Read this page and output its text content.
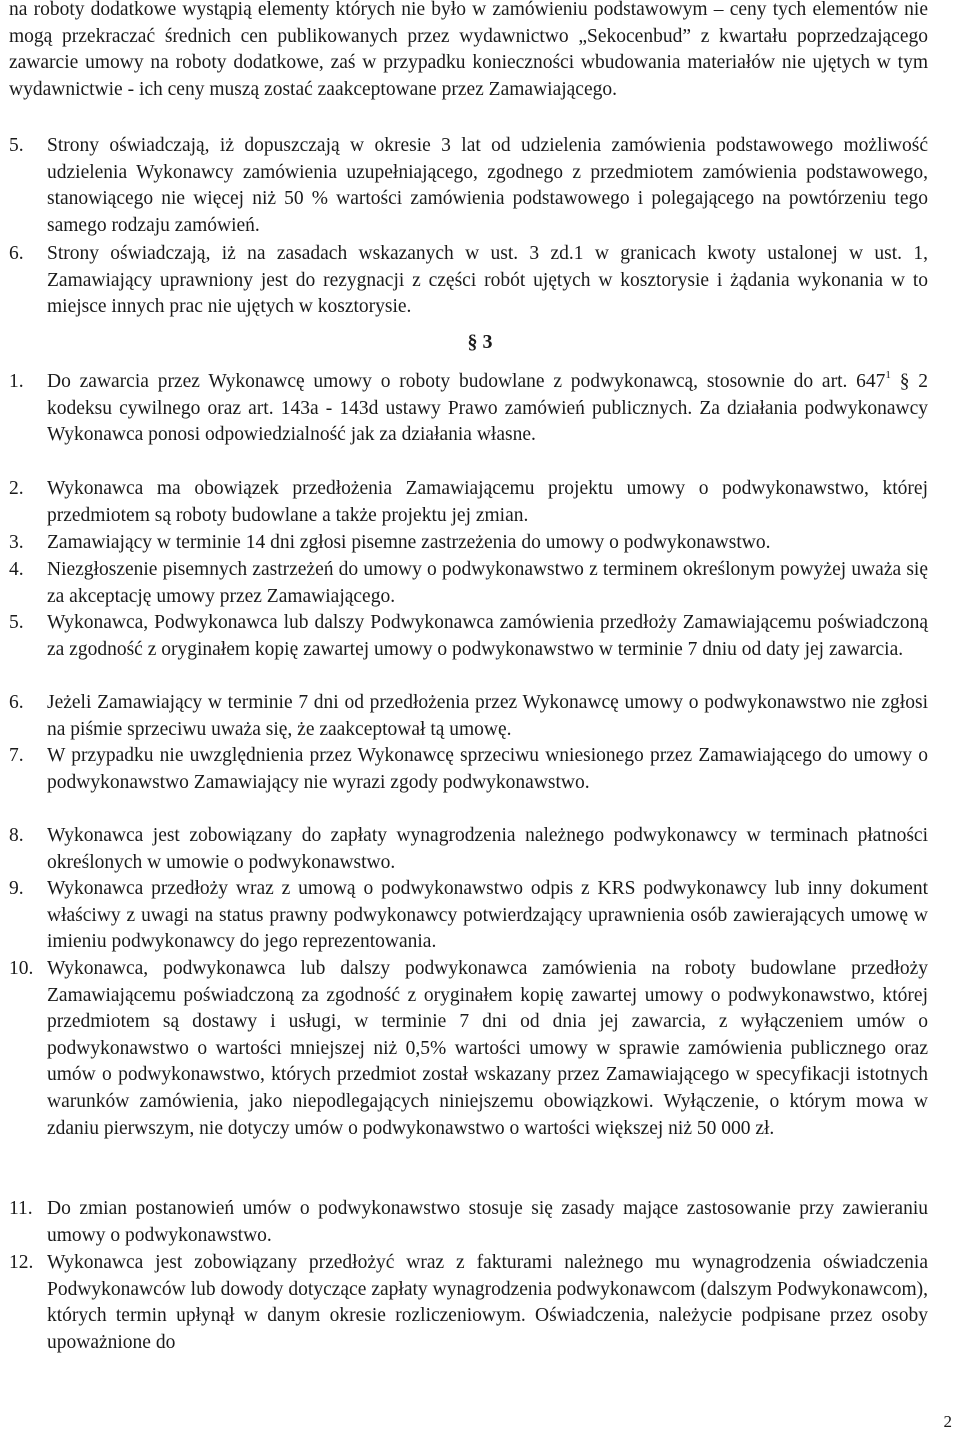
na roboty dodatkowe wystąpią elementy których nie było w zamówieniu podstawowym – ceny tych elementów nie mogą przekraczać średnich cen publikowanych przez wydawnictwo „Sekocenbud” z kwartału poprzedzającego zawarcie umowy na roboty dodatkowe, zaś w przypadku konieczności wbudowania materiałów nie ujętych w tym wydawnictwie - ich ceny muszą zostać zaakceptowane przez Zamawiającego.
5. Strony oświadczają, iż dopuszczają w okresie 3 lat od udzielenia zamówienia podstawowego możliwość udzielenia Wykonawcy zamówienia uzupełniającego, zgodnego z przedmiotem zamówienia podstawowego, stanowiącego nie więcej niż 50 % wartości zamówienia podstawowego i polegającego na powtórzeniu tego samego rodzaju zamówień.
6. Strony oświadczają, iż na zasadach wskazanych w ust. 3 zd.1 w granicach kwoty ustalonej w ust. 1, Zamawiający uprawniony jest do rezygnacji z części robót ujętych w kosztorysie i żądania wykonania w to miejsce innych prac nie ujętych w kosztorysie.
§ 3
1. Do zawarcia przez Wykonawcę umowy o roboty budowlane z podwykonawcą, stosownie do art. $647^1$ § 2 kodeksu cywilnego oraz art. 143a - 143d ustawy Prawo zamówień publicznych. Za działania podwykonawcy Wykonawca ponosi odpowiedzialność jak za działania własne.
2. Wykonawca ma obowiązek przedłożenia Zamawiającemu projektu umowy o podwykonawstwo, której przedmiotem są roboty budowlane a także projektu jej zmian.
3. Zamawiający w terminie 14 dni zgłosi pisemne zastrzeżenia do umowy o podwykonawstwo.
4. Niezgłoszenie pisemnych zastrzeżeń do umowy o podwykonawstwo z terminem określonym powyżej uważa się za akceptację umowy przez Zamawiającego.
5. Wykonawca, Podwykonawca lub dalszy Podwykonawca zamówienia przedłoży Zamawiającemu poświadczoną za zgodność z oryginałem kopię zawartej umowy o podwykonawstwo w terminie 7 dniu od daty jej zawarcia.
6. Jeżeli Zamawiający w terminie 7 dni od przedłożenia przez Wykonawcę umowy o podwykonawstwo nie zgłosi na piśmie sprzeciwu uważa się, że zaakceptował tą umowę.
7. W przypadku nie uwzględnienia przez Wykonawcę sprzeciwu wniesionego przez Zamawiającego do umowy o podwykonawstwo Zamawiający nie wyrazi zgody podwykonawstwo.
8. Wykonawca jest zobowiązany do zapłaty wynagrodzenia należnego podwykonawcy w terminach płatności określonych w umowie o podwykonawstwo.
9. Wykonawca przedłoży wraz z umową o podwykonawstwo odpis z KRS podwykonawcy lub inny dokument właściwy z uwagi na status prawny podwykonawcy potwierdzający uprawnienia osób zawierających umowę w imieniu podwykonawcy do jego reprezentowania.
10. Wykonawca, podwykonawca lub dalszy podwykonawca zamówienia na roboty budowlane przedłoży Zamawiającemu poświadczoną za zgodność z oryginałem kopię zawartej umowy o podwykonawstwo, której przedmiotem są dostawy i usługi, w terminie 7 dni od dnia jej zawarcia, z wyłączeniem umów o podwykonawstwo o wartości mniejszej niż 0,5% wartości umowy w sprawie zamówienia publicznego oraz umów o podwykonawstwo, których przedmiot został wskazany przez Zamawiającego w specyfikacji istotnych warunków zamówienia, jako niepodlegających niniejszemu obowiązkowi. Wyłączenie, o którym mowa w zdaniu pierwszym, nie dotyczy umów o podwykonawstwo o wartości większej niż 50 000 zł.
11. Do zmian postanowień umów o podwykonawstwo stosuje się zasady mające zastosowanie przy zawieraniu umowy o podwykonawstwo.
12. Wykonawca jest zobowiązany przedłożyć wraz z fakturami należnego mu wynagrodzenia oświadczenia Podwykonawców lub dowody dotyczące zapłaty wynagrodzenia podwykonawcom (dalszym Podwykonawcom), których termin upłynął w danym okresie rozliczeniowym. Oświadczenia, należycie podpisane przez osoby upoważnione do
2
